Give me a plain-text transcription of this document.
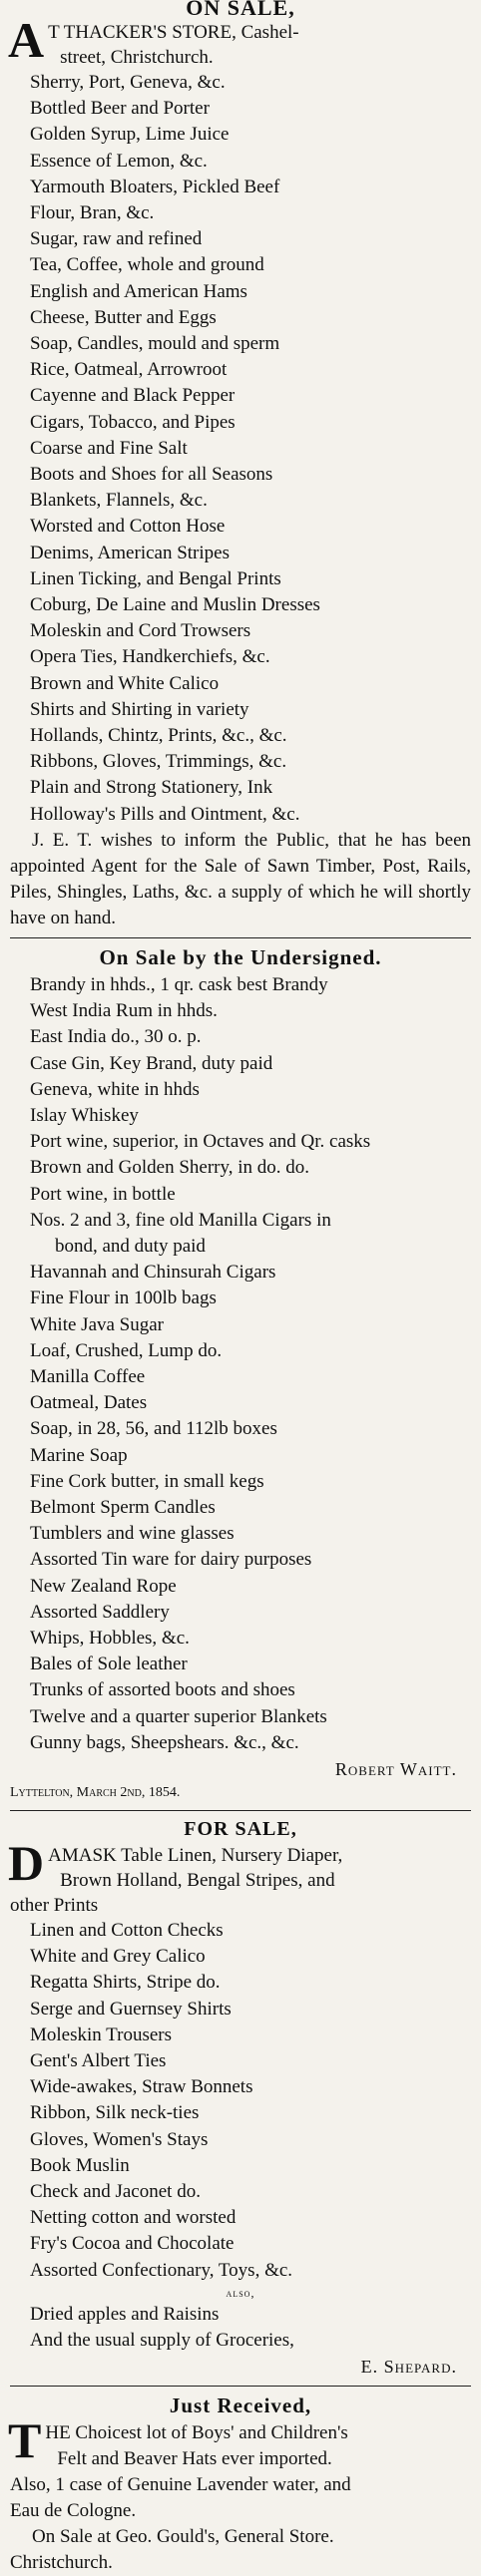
ON SALE,
A T THACKER'S STORE, Cashel-
street, Christchurch.
Sherry, Port, Geneva, &c.
Bottled Beer and Porter
Golden Syrup, Lime Juice
Essence of Lemon, &c.
Yarmouth Bloaters, Pickled Beef
Flour, Bran, &c.
Sugar, raw and refined
Tea, Coffee, whole and ground
English and American Hams
Cheese, Butter and Eggs
Soap, Candles, mould and sperm
Rice, Oatmeal, Arrowroot
Cayenne and Black Pepper
Cigars, Tobacco, and Pipes
Coarse and Fine Salt
Boots and Shoes for all Seasons
Blankets, Flannels, &c.
Worsted and Cotton Hose
Denims, American Stripes
Linen Ticking, and Bengal Prints
Coburg, De Laine and Muslin Dresses
Moleskin and Cord Trowsers
Opera Ties, Handkerchiefs, &c.
Brown and White Calico
Shirts and Shirting in variety
Hollands, Chintz, Prints, &c., &c.
Ribbons, Gloves, Trimmings, &c.
Plain and Strong Stationery, Ink
Holloway's Pills and Ointment, &c.
J. E. T. wishes to inform the Public, that he has been appointed Agent for the Sale of Sawn Timber, Post, Rails, Piles, Shingles, Laths, &c. a supply of which he will shortly have on hand.
On Sale by the Undersigned.
Brandy in hhds., 1 qr. cask best Brandy
West India Rum in hhds.
East India do., 30 o. p.
Case Gin, Key Brand, duty paid
Geneva, white in hhds
Islay Whiskey
Port wine, superior, in Octaves and Qr. casks
Brown and Golden Sherry, in do. do.
Port wine, in bottle
Nos. 2 and 3, fine old Manilla Cigars in
bond, and duty paid
Havannah and Chinsurah Cigars
Fine Flour in 100lb bags
White Java Sugar
Loaf, Crushed, Lump do.
Manilla Coffee
Oatmeal, Dates
Soap, in 28, 56, and 112lb boxes
Marine Soap
Fine Cork butter, in small kegs
Belmont Sperm Candles
Tumblers and wine glasses
Assorted Tin ware for dairy purposes
New Zealand Rope
Assorted Saddlery
Whips, Hobbles, &c.
Bales of Sole leather
Trunks of assorted boots and shoes
Twelve and a quarter superior Blankets
Gunny bags, Sheepshears. &c., &c.
Robert Waitt.
Lyttelton, March 2nd, 1854.
FOR SALE,
D AMASK Table Linen, Nursery Diaper,
Brown Holland, Bengal Stripes, and
other Prints
Linen and Cotton Checks
White and Grey Calico
Regatta Shirts, Stripe do.
Serge and Guernsey Shirts
Moleskin Trousers
Gent's Albert Ties
Wide-awakes, Straw Bonnets
Ribbon, Silk neck-ties
Gloves, Women's Stays
Book Muslin
Check and Jaconet do.
Netting cotton and worsted
Fry's Cocoa and Chocolate
Assorted Confectionary, Toys, &c.
also,
Dried apples and Raisins
And the usual supply of Groceries,
E. Shepard.
Just Received,
T HE Choicest lot of Boys' and Children's
Felt and Beaver Hats ever imported.
Also, 1 case of Genuine Lavender water, and
Eau de Cologne.
On Sale at Geo. Gould's, General Store.
Christchurch.
